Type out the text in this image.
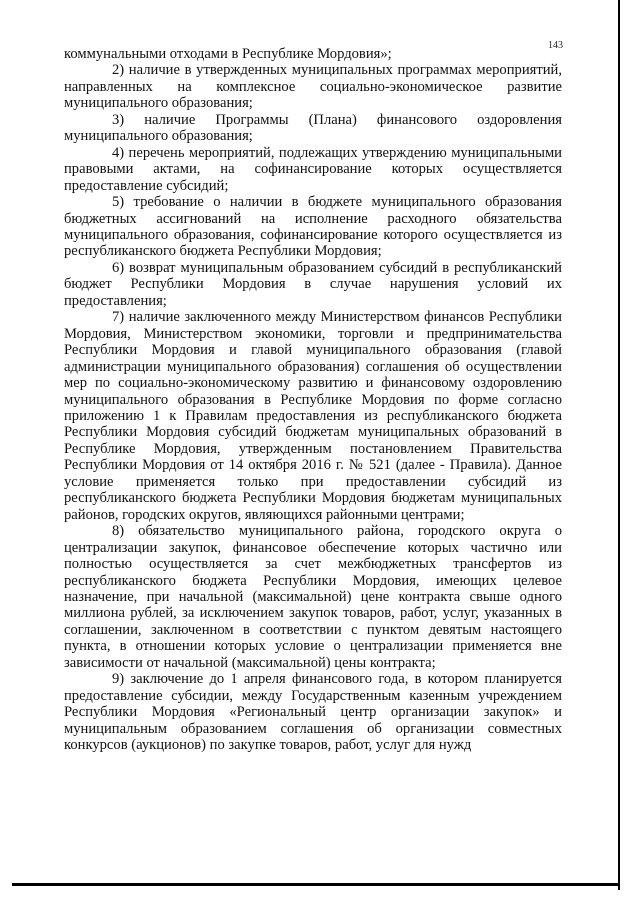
143

коммунальными отходами в Республике Мордовия»;

2) наличие в утвержденных муниципальных программах мероприятий, направленных на комплексное социально-экономическое развитие муниципального образования;

3) наличие Программы (Плана) финансового оздоровления муниципального образования;

4) перечень мероприятий, подлежащих утверждению муниципальными правовыми актами, на софинансирование которых осуществляется предоставление субсидий;

5) требование о наличии в бюджете муниципального образования бюджетных ассигнований на исполнение расходного обязательства муниципального образования, софинансирование которого осуществляется из республиканского бюджета Республики Мордовия;

6) возврат муниципальным образованием субсидий в республиканский бюджет Республики Мордовия в случае нарушения условий их предоставления;

7) наличие заключенного между Министерством финансов Республики Мордовия, Министерством экономики, торговли и предпринимательства Республики Мордовия и главой муниципального образования (главой администрации муниципального образования) соглашения об осуществлении мер по социально-экономическому развитию и финансовому оздоровлению муниципального образования в Республике Мордовия по форме согласно приложению 1 к Правилам предоставления из республиканского бюджета Республики Мордовия субсидий бюджетам муниципальных образований в Республике Мордовия, утвержденным постановлением Правительства Республики Мордовия от 14 октября 2016 г. № 521 (далее - Правила). Данное условие применяется только при предоставлении субсидий из республиканского бюджета Республики Мордовия бюджетам муниципальных районов, городских округов, являющихся районными центрами;

8) обязательство муниципального района, городского округа о централизации закупок, финансовое обеспечение которых частично или полностью осуществляется за счет межбюджетных трансфертов из республиканского бюджета Республики Мордовия, имеющих целевое назначение, при начальной (максимальной) цене контракта свыше одного миллиона рублей, за исключением закупок товаров, работ, услуг, указанных в соглашении, заключенном в соответствии с пунктом девятым настоящего пункта, в отношении которых условие о централизации применяется вне зависимости от начальной (максимальной) цены контракта;

9) заключение до 1 апреля финансового года, в котором планируется предоставление субсидии, между Государственным казенным учреждением Республики Мордовия «Региональный центр организации закупок» и муниципальным образованием соглашения об организации совместных конкурсов (аукционов) по закупке товаров, работ, услуг для нужд
